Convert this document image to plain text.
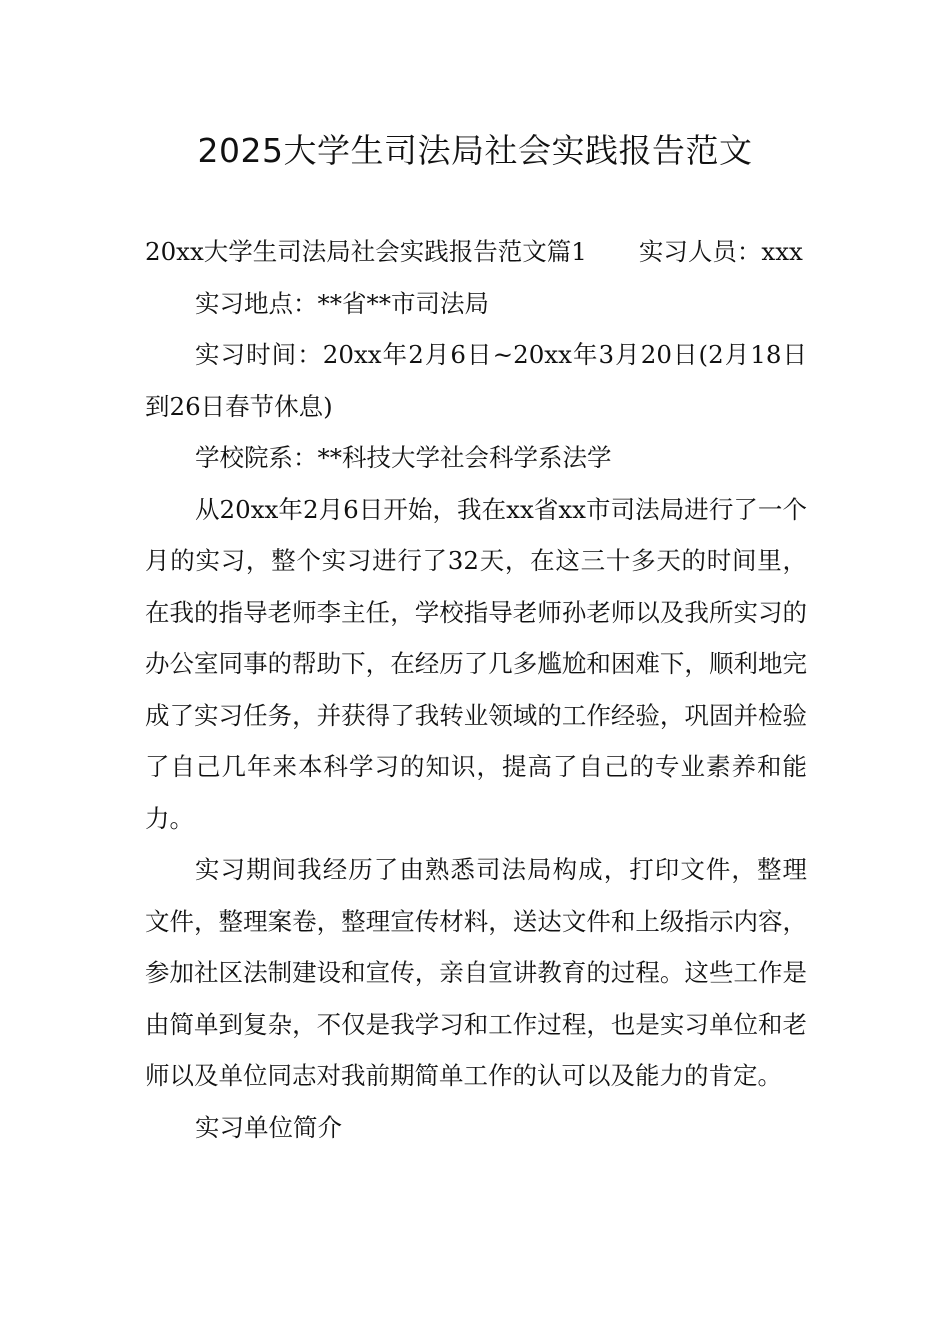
2025大学生司法局社会实践报告范文

20xx大学生司法局社会实践报告范文篇1 实习人员：xxx

实习地点：**省**市司法局

实习时间：20xx年2月6日~20xx年3月20日(2月18日到26日春节休息)

学校院系：**科技大学社会科学系法学

从20xx年2月6日开始，我在xx省xx市司法局进行了一个月的实习，整个实习进行了32天，在这三十多天的时间里，在我的指导老师李主任，学校指导老师孙老师以及我所实习的办公室同事的帮助下，在经历了几多尴尬和困难下，顺利地完成了实习任务，并获得了我转业领域的工作经验，巩固并检验了自己几年来本科学习的知识，提高了自己的专业素养和能力。

实习期间我经历了由熟悉司法局构成，打印文件，整理文件，整理案卷，整理宣传材料，送达文件和上级指示内容，参加社区法制建设和宣传，亲自宣讲教育的过程。这些工作是由简单到复杂，不仅是我学习和工作过程，也是实习单位和老师以及单位同志对我前期简单工作的认可以及能力的肯定。

实习单位简介
